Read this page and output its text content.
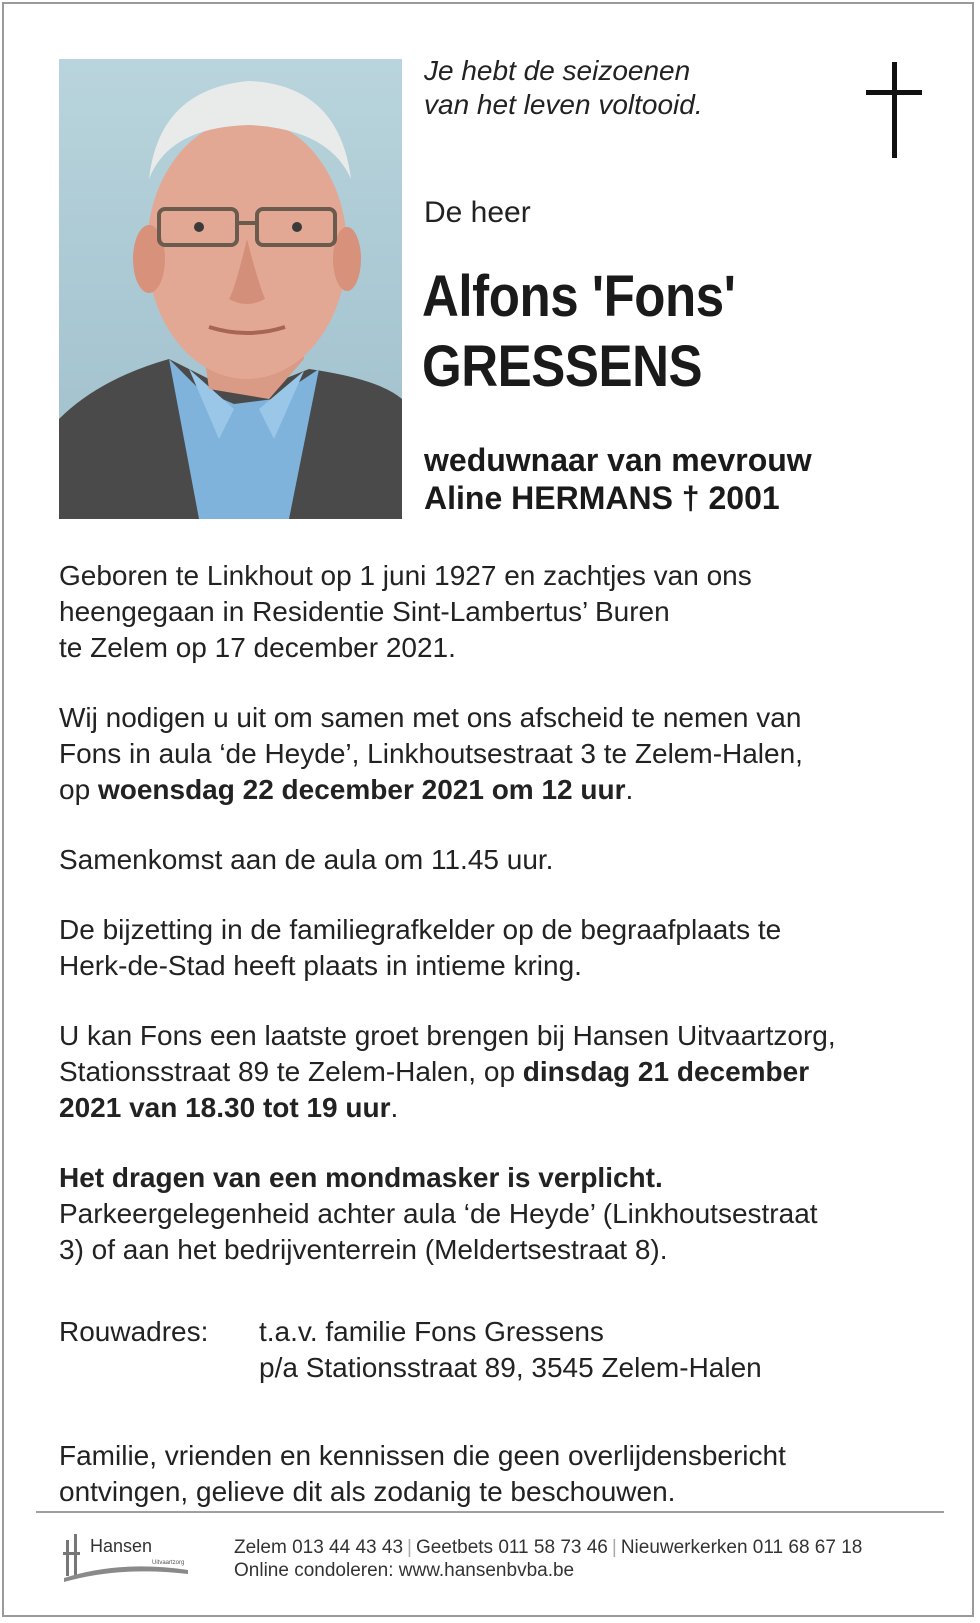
Je hebt de seizoenen
van het leven voltooid.
De heer
Alfons 'Fons'
GRESSENS
weduwnaar van mevrouw
Aline HERMANS † 2001

Geboren te Linkhout op 1 juni 1927 en zachtjes van ons
heengegaan in Residentie Sint-Lambertus’ Buren
te Zelem op 17 december 2021.

Wij nodigen u uit om samen met ons afscheid te nemen van
Fons in aula ‘de Heyde’, Linkhoutsestraat 3 te Zelem-Halen,
op woensdag 22 december 2021 om 12 uur.

Samenkomst aan de aula om 11.45 uur.

De bijzetting in de familiegrafkelder op de begraafplaats te
Herk-de-Stad heeft plaats in intieme kring.

U kan Fons een laatste groet brengen bij Hansen Uitvaartzorg,
Stationsstraat 89 te Zelem-Halen, op dinsdag 21 december
2021 van 18.30 tot 19 uur.

Het dragen van een mondmasker is verplicht.
Parkeergelegenheid achter aula ‘de Heyde’ (Linkhoutsestraat
3) of aan het bedrijventerrein (Meldertsestraat 8).

Rouwadres:	t.a.v. familie Fons Gressens
p/a Stationsstraat 89, 3545 Zelem-Halen

Familie, vrienden en kennissen die geen overlijdensbericht
ontvingen, gelieve dit als zodanig te beschouwen.

Hansen
Uitvaartzorg
Zelem 013 44 43 43 | Geetbets 011 58 73 46 | Nieuwerkerken 011 68 67 18
Online condoleren: www.hansenbvba.be
